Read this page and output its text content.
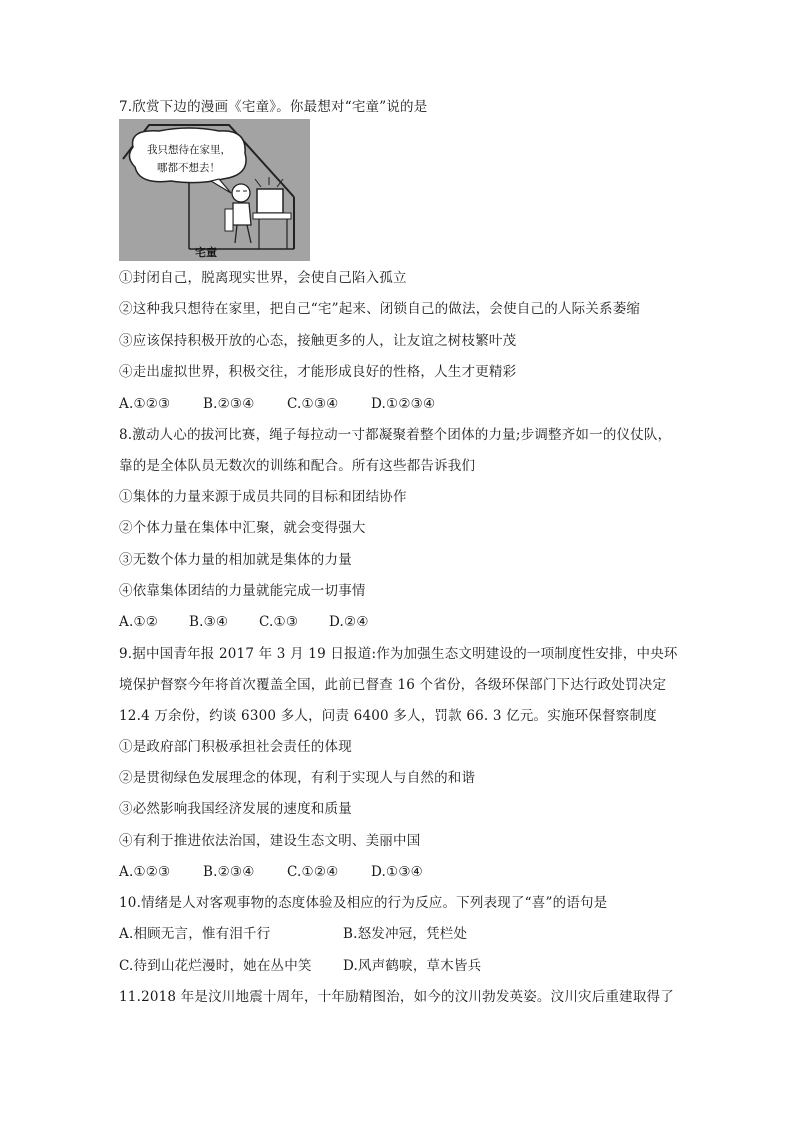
7.欣赏下边的漫画《宅童》。你最想对“宅童”说的是

我只想待在家里，
哪都不想去！
宅童

①封闭自己，脱离现实世界，会使自己陷入孤立

②这种我只想待在家里，把自己“宅”起来、闭锁自己的做法，会使自己的人际关系萎缩

③应该保持积极开放的心态，接触更多的人，让友谊之树枝繁叶茂

④走出虚拟世界，积极交往，才能形成良好的性格，人生才更精彩

A.①②③	B.②③④	C.①③④	D.①②③④

8.激动人心的拔河比赛，绳子每拉动一寸都凝聚着整个团体的力量;步调整齐如一的仪仗队，

靠的是全体队员无数次的训练和配合。所有这些都告诉我们

①集体的力量来源于成员共同的目标和团结协作

②个体力量在集体中汇聚，就会变得强大

③无数个体力量的相加就是集体的力量

④依靠集体团结的力量就能完成一切事情

A.①②	B.③④	C.①③	D.②④

9.据中国青年报 2017 年 3 月 19 日报道:作为加强生态文明建设的一项制度性安排，中央环

境保护督察今年将首次覆盖全国，此前已督查 16 个省份，各级环保部门下达行政处罚决定

12.4 万余份，约谈 6300 多人，问责 6400 多人，罚款 66. 3 亿元。实施环保督察制度

①是政府部门积极承担社会责任的体现

②是贯彻绿色发展理念的体现，有利于实现人与自然的和谐

③必然影响我国经济发展的速度和质量

④有利于推进依法治国，建设生态文明、美丽中国

A.①②③	B.②③④	C.①②④	D.①③④

10.情绪是人对客观事物的态度体验及相应的行为反应。下列表现了“喜”的语句是

A.相顾无言，惟有泪千行	B.怒发冲冠，凭栏处

C.待到山花烂漫时，她在丛中笑	D.风声鹤唳，草木皆兵

11.2018 年是汶川地震十周年，十年励精图治，如今的汶川勃发英姿。汶川灾后重建取得了
